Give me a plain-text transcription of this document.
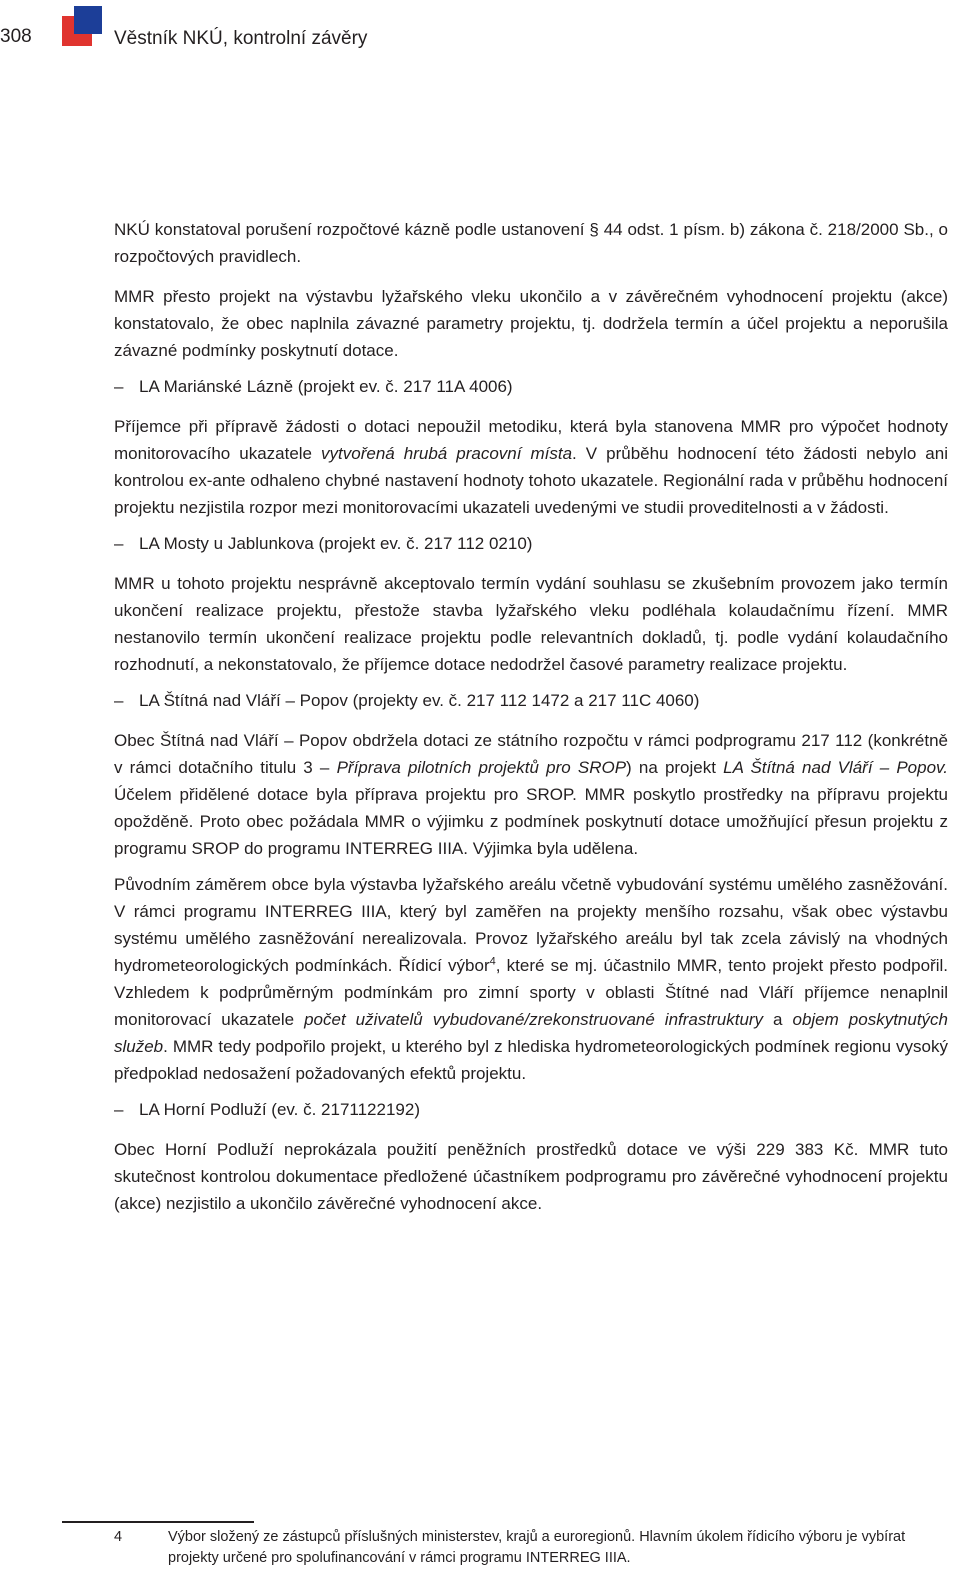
308	Věstník NKÚ, kontrolní závěry

NKÚ konstatoval porušení rozpočtové kázně podle ustanovení § 44 odst. 1 písm. b) zákona č. 218/2000 Sb., o rozpočtových pravidlech.

MMR přesto projekt na výstavbu lyžařského vleku ukončilo a v závěrečném vyhodnocení projektu (akce) konstatovalo, že obec naplnila závazné parametry projektu, tj. dodržela termín a účel projektu a neporušila závazné podmínky poskytnutí dotace.

– LA Mariánské Lázně (projekt ev. č. 217 11A 4006)

Příjemce při přípravě žádosti o dotaci nepoužil metodiku, která byla stanovena MMR pro výpočet hodnoty monitorovacího ukazatele vytvořená hrubá pracovní místa. V průběhu hodnocení této žádosti nebylo ani kontrolou ex-ante odhaleno chybné nastavení hodnoty tohoto ukazatele. Regionální rada v průběhu hodnocení projektu nezjistila rozpor mezi monitorovacími ukazateli uvedenými ve studii proveditelnosti a v žádosti.

– LA Mosty u Jablunkova (projekt ev. č. 217 112 0210)

MMR u tohoto projektu nesprávně akceptovalo termín vydání souhlasu se zkušebním provozem jako termín ukončení realizace projektu, přestože stavba lyžařského vleku podléhala kolaudačnímu řízení. MMR nestanovilo termín ukončení realizace projektu podle relevantních dokladů, tj. podle vydání kolaudačního rozhodnutí, a nekonstatovalo, že příjemce dotace nedodržel časové parametry realizace projektu.

– LA Štítná nad Vláří – Popov (projekty ev. č. 217 112 1472 a 217 11C 4060)

Obec Štítná nad Vláří – Popov obdržela dotaci ze státního rozpočtu v rámci podprogramu 217 112 (konkrétně v rámci dotačního titulu 3 – Příprava pilotních projektů pro SROP) na projekt LA Štítná nad Vláří – Popov. Účelem přidělené dotace byla příprava projektu pro SROP. MMR poskytlo prostředky na přípravu projektu opožděně. Proto obec požádala MMR o výjimku z podmínek poskytnutí dotace umožňující přesun projektu z programu SROP do programu INTERREG IIIA. Výjimka byla udělena.

Původním záměrem obce byla výstavba lyžařského areálu včetně vybudování systému umělého zasněžování. V rámci programu INTERREG IIIA, který byl zaměřen na projekty menšího rozsahu, však obec výstavbu systému umělého zasněžování nerealizovala. Provoz lyžařského areálu byl tak zcela závislý na vhodných hydrometeorologických podmínkách. Řídicí výbor$^4$, které se mj. účastnilo MMR, tento projekt přesto podpořil. Vzhledem k podprůměrným podmínkám pro zimní sporty v oblasti Štítné nad Vláří příjemce nenaplnil monitorovací ukazatele počet uživatelů vybudované/zrekonstruované infrastruktury a objem poskytnutých služeb. MMR tedy podpořilo projekt, u kterého byl z hlediska hydrometeorologických podmínek regionu vysoký předpoklad nedosažení požadovaných efektů projektu.

– LA Horní Podluží (ev. č. 2171122192)

Obec Horní Podluží neprokázala použití peněžních prostředků dotace ve výši 229 383 Kč. MMR tuto skutečnost kontrolou dokumentace předložené účastníkem podprogramu pro závěrečné vyhodnocení projektu (akce) nezjistilo a ukončilo závěrečné vyhodnocení akce.

4	Výbor složený ze zástupců příslušných ministerstev, krajů a euroregionů. Hlavním úkolem řídicího výboru je vybírat projekty určené pro spolufinancování v rámci programu INTERREG IIIA.
